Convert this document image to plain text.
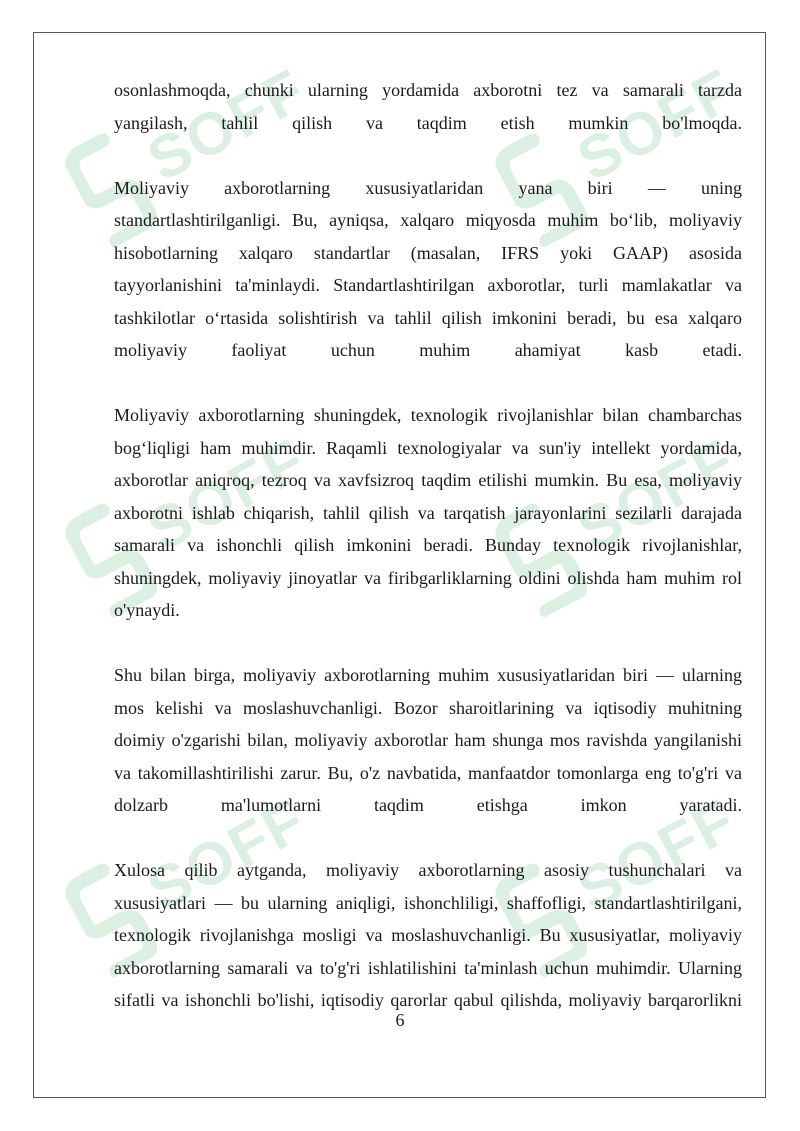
SOFF	SOFF
SOFF	SOFF
SOFF	SOFF
osonlashmoqda, chunki ularning yordamida axborotni tez va samarali tarzda
yangilash, tahlil qilish va taqdim etish mumkin bo'lmoqda.
Moliyaviy axborotlarning xususiyatlaridan yana biri — uning
standartlashtirilganligi. Bu, ayniqsa, xalqaro miqyosda muhim bo‘lib, moliyaviy
hisobotlarning xalqaro standartlar (masalan, IFRS yoki GAAP) asosida
tayyorlanishini ta'minlaydi. Standartlashtirilgan axborotlar, turli mamlakatlar va
tashkilotlar o‘rtasida solishtirish va tahlil qilish imkonini beradi, bu esa xalqaro
moliyaviy faoliyat uchun muhim ahamiyat kasb etadi.
Moliyaviy axborotlarning shuningdek, texnologik rivojlanishlar bilan chambarchas
bog‘liqligi ham muhimdir. Raqamli texnologiyalar va sun'iy intellekt yordamida,
axborotlar aniqroq, tezroq va xavfsizroq taqdim etilishi mumkin. Bu esa, moliyaviy
axborotni ishlab chiqarish, tahlil qilish va tarqatish jarayonlarini sezilarli darajada
samarali va ishonchli qilish imkonini beradi. Bunday texnologik rivojlanishlar,
shuningdek, moliyaviy jinoyatlar va firibgarliklarning oldini olishda ham muhim rol
o'ynaydi.
Shu bilan birga, moliyaviy axborotlarning muhim xususiyatlaridan biri — ularning
mos kelishi va moslashuvchanligi. Bozor sharoitlarining va iqtisodiy muhitning
doimiy o'zgarishi bilan, moliyaviy axborotlar ham shunga mos ravishda yangilanishi
va takomillashtirilishi zarur. Bu, o'z navbatida, manfaatdor tomonlarga eng to'g'ri va
dolzarb ma'lumotlarni taqdim etishga imkon yaratadi.
Xulosa qilib aytganda, moliyaviy axborotlarning asosiy tushunchalari va
xususiyatlari — bu ularning aniqligi, ishonchliligi, shaffofligi, standartlashtirilgani,
texnologik rivojlanishga mosligi va moslashuvchanligi. Bu xususiyatlar, moliyaviy
axborotlarning samarali va to'g'ri ishlatilishini ta'minlash uchun muhimdir. Ularning
sifatli va ishonchli bo'lishi, iqtisodiy qarorlar qabul qilishda, moliyaviy barqarorlikni
6
